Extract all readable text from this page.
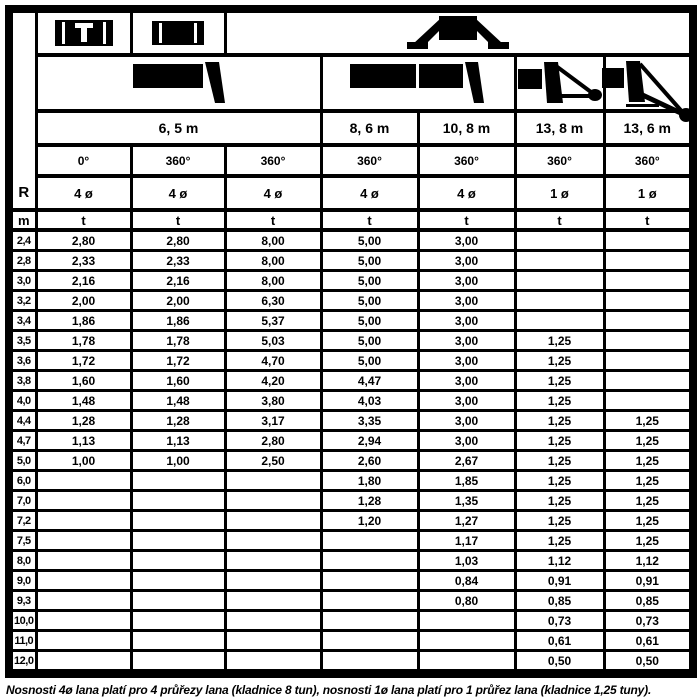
R

	6, 5 m			8, 6 m	10, 8 m	13, 8 m	13, 6 m
	0°	360°	360°	360°	360°	360°	360°
	4 ø	4 ø	4 ø	4 ø	4 ø	1 ø	1 ø
m	t	t	t	t	t	t	t
2,4	2,80	2,80	8,00	5,00	3,00		
2,8	2,33	2,33	8,00	5,00	3,00		
3,0	2,16	2,16	8,00	5,00	3,00		
3,2	2,00	2,00	6,30	5,00	3,00		
3,4	1,86	1,86	5,37	5,00	3,00		
3,5	1,78	1,78	5,03	5,00	3,00	1,25	
3,6	1,72	1,72	4,70	5,00	3,00	1,25	
3,8	1,60	1,60	4,20	4,47	3,00	1,25	
4,0	1,48	1,48	3,80	4,03	3,00	1,25	
4,4	1,28	1,28	3,17	3,35	3,00	1,25	1,25
4,7	1,13	1,13	2,80	2,94	3,00	1,25	1,25
5,0	1,00	1,00	2,50	2,60	2,67	1,25	1,25
6,0				1,80	1,85	1,25	1,25
7,0				1,28	1,35	1,25	1,25
7,2				1,20	1,27	1,25	1,25
7,5					1,17	1,25	1,25
8,0					1,03	1,12	1,12
9,0					0,84	0,91	0,91
9,3					0,80	0,85	0,85
10,0						0,73	0,73
11,0						0,61	0,61
12,0						0,50	0,50
Nosnosti 4ø lana platí pro 4 průřezy lana (kladnice 8 tun), nosnosti 1ø lana platí pro 1 průřez lana (kladnice 1,25 tuny).
